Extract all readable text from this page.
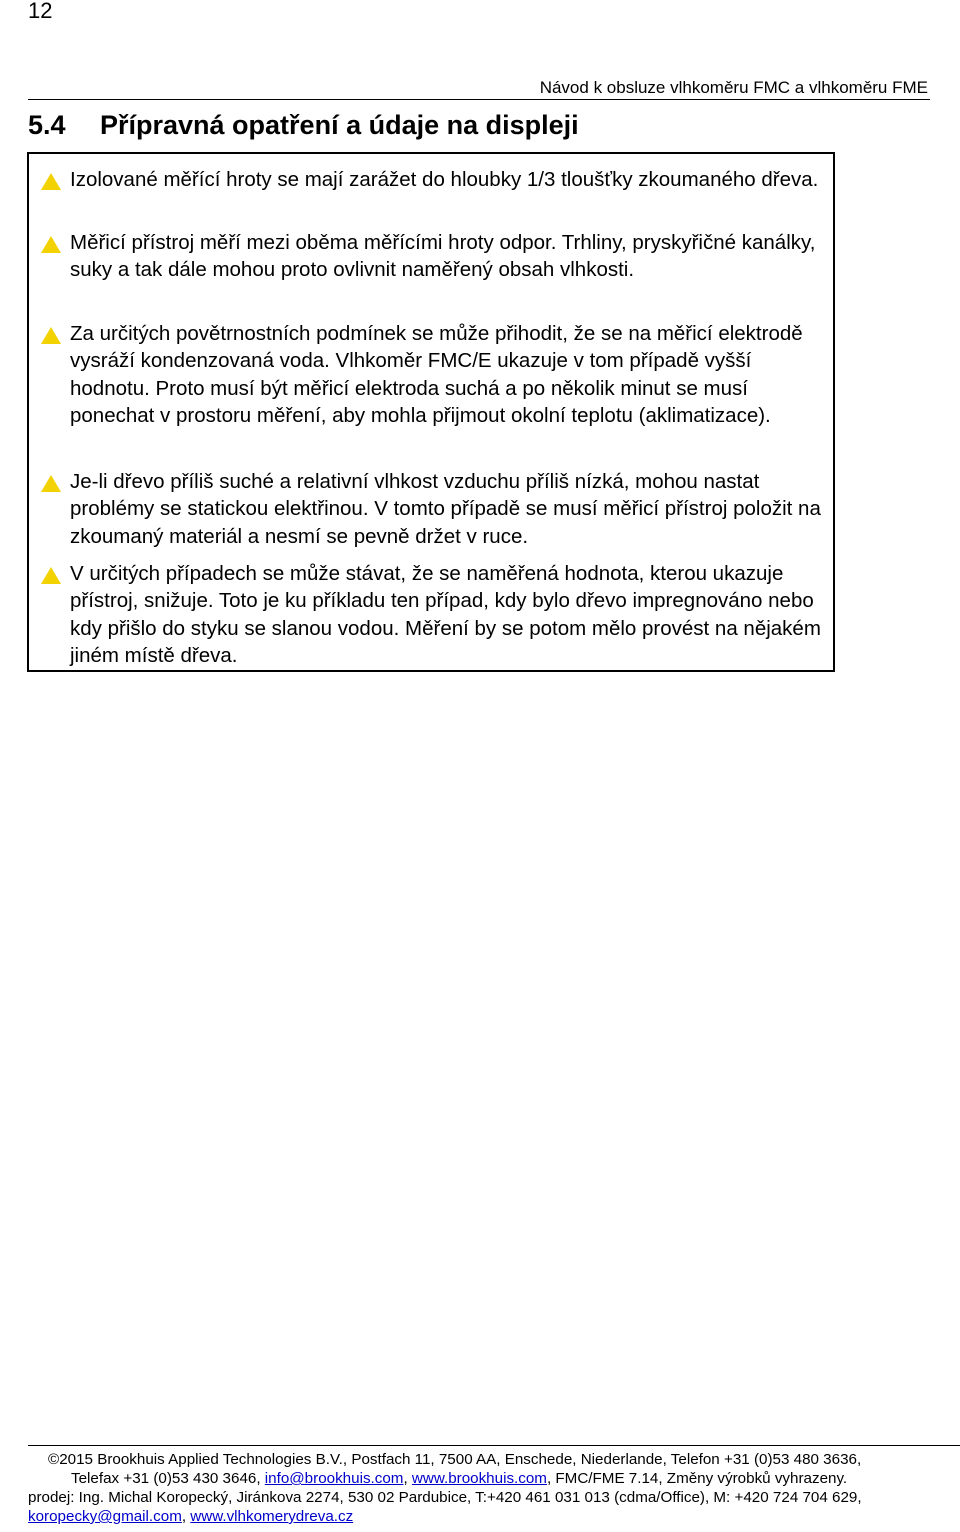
12
Návod k obsluze vlhkoměru FMC a vlhkoměru FME
5.4 Přípravná opatření a údaje na displeji
Izolované měřící hroty se mají zarážet do hloubky 1/3 tloušťky zkoumaného dřeva.
Měřicí přístroj měří mezi oběma měřícími hroty odpor. Trhliny, pryskyřičné kanálky, suky a tak dále mohou proto ovlivnit naměřený obsah vlhkosti.
Za určitých povětrnostních podmínek se může přihodit, že se na měřicí elektrodě vysráží kondenzovaná voda. Vlhkoměr FMC/E ukazuje v tom případě vyšší hodnotu. Proto musí být měřicí elektroda suchá a po několik minut se musí ponechat v prostoru měření, aby mohla přijmout okolní teplotu (aklimatizace).
Je-li dřevo příliš suché a relativní vlhkost vzduchu příliš nízká, mohou nastat problémy se statickou elektřinou. V tomto případě se musí měřicí přístroj položit na zkoumaný materiál a nesmí se pevně držet v ruce.
V určitých případech se může stávat, že se naměřená hodnota, kterou ukazuje přístroj, snižuje. Toto je ku příkladu ten případ, kdy bylo dřevo impregnováno nebo kdy přišlo do styku se slanou vodou. Měření by se potom mělo provést na nějakém jiném místě dřeva.
©2015 Brookhuis Applied Technologies B.V., Postfach 11, 7500 AA, Enschede, Niederlande, Telefon +31 (0)53 480 3636,
Telefax +31 (0)53 430 3646, info@brookhuis.com, www.brookhuis.com, FMC/FME 7.14, Změny výrobků vyhrazeny.
prodej: Ing. Michal Koropecký, Jiránkova 2274, 530 02 Pardubice, T:+420 461 031 013 (cdma/Office), M: +420 724 704 629,
koropecky@gmail.com, www.vlhkomerydreva.cz
